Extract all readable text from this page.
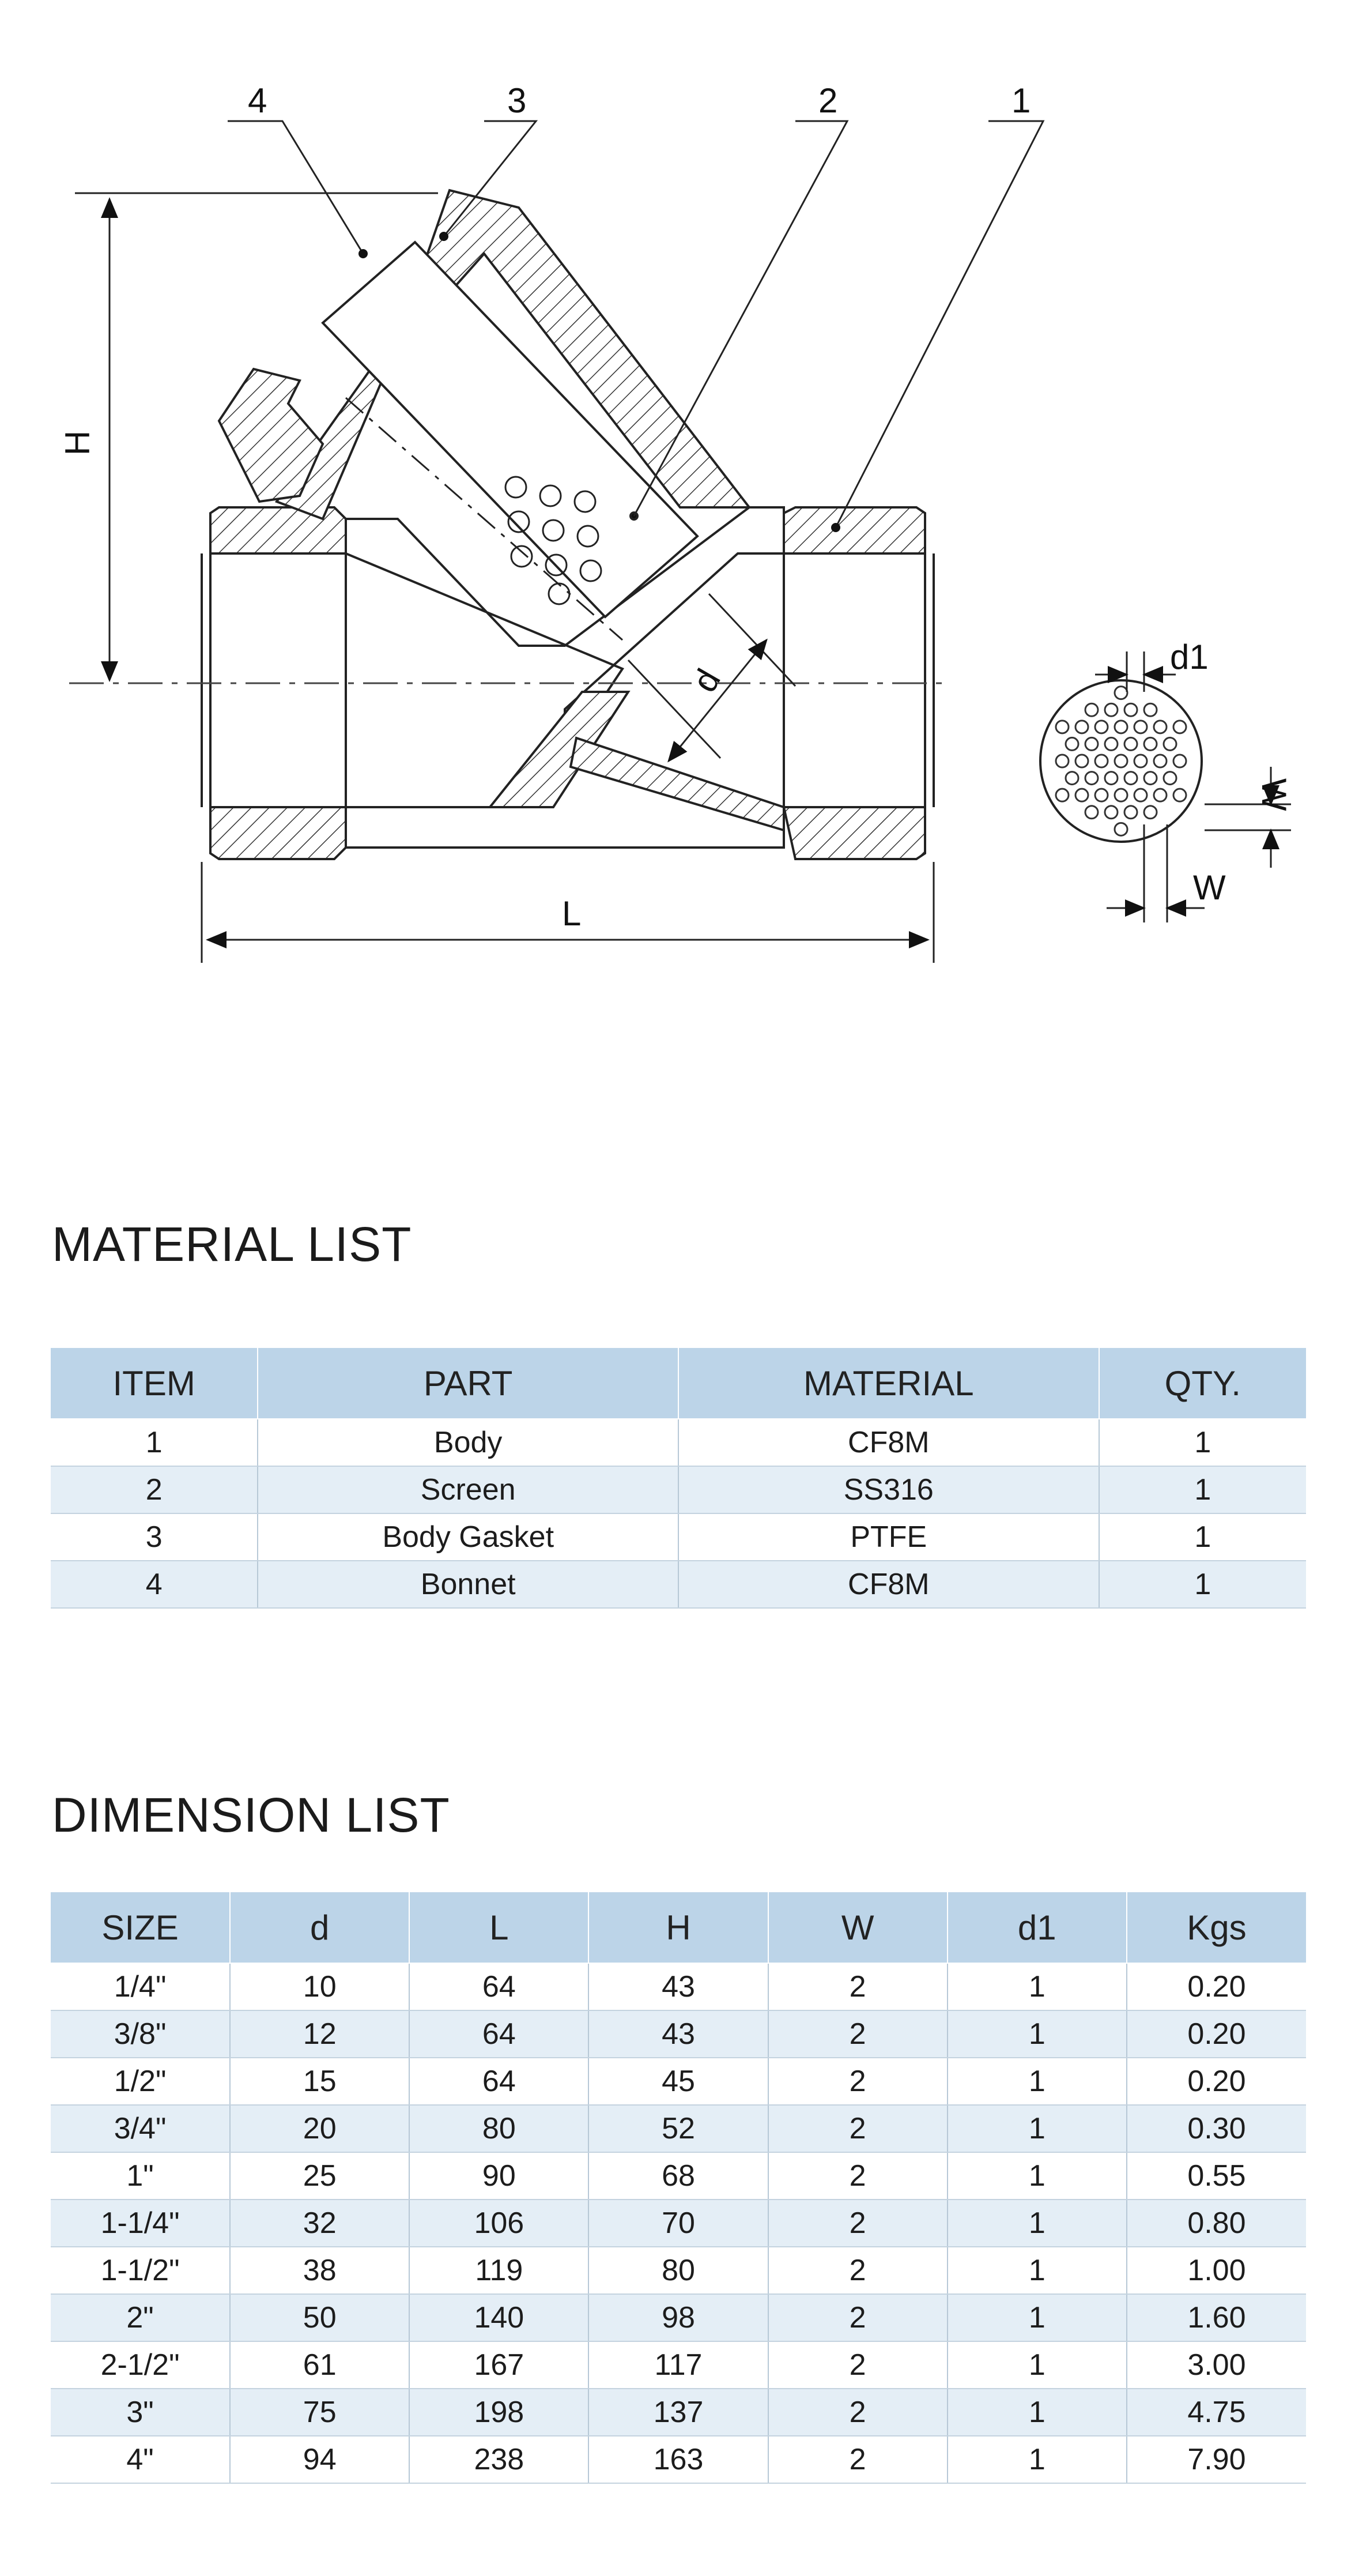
4	3	2	1
H
L
d
d1
W
W
MATERIAL LIST
ITEM	PART	MATERIAL	QTY.
1	Body	CF8M	1
2	Screen	SS316	1
3	Body Gasket	PTFE	1
4	Bonnet	CF8M	1
DIMENSION LIST
SIZE	d	L	H	W	d1	Kgs
1/4"	10	64	43	2	1	0.20
3/8"	12	64	43	2	1	0.20
1/2"	15	64	45	2	1	0.20
3/4"	20	80	52	2	1	0.30
1"	25	90	68	2	1	0.55
1-1/4"	32	106	70	2	1	0.80
1-1/2"	38	119	80	2	1	1.00
2"	50	140	98	2	1	1.60
2-1/2"	61	167	117	2	1	3.00
3"	75	198	137	2	1	4.75
4"	94	238	163	2	1	7.90
